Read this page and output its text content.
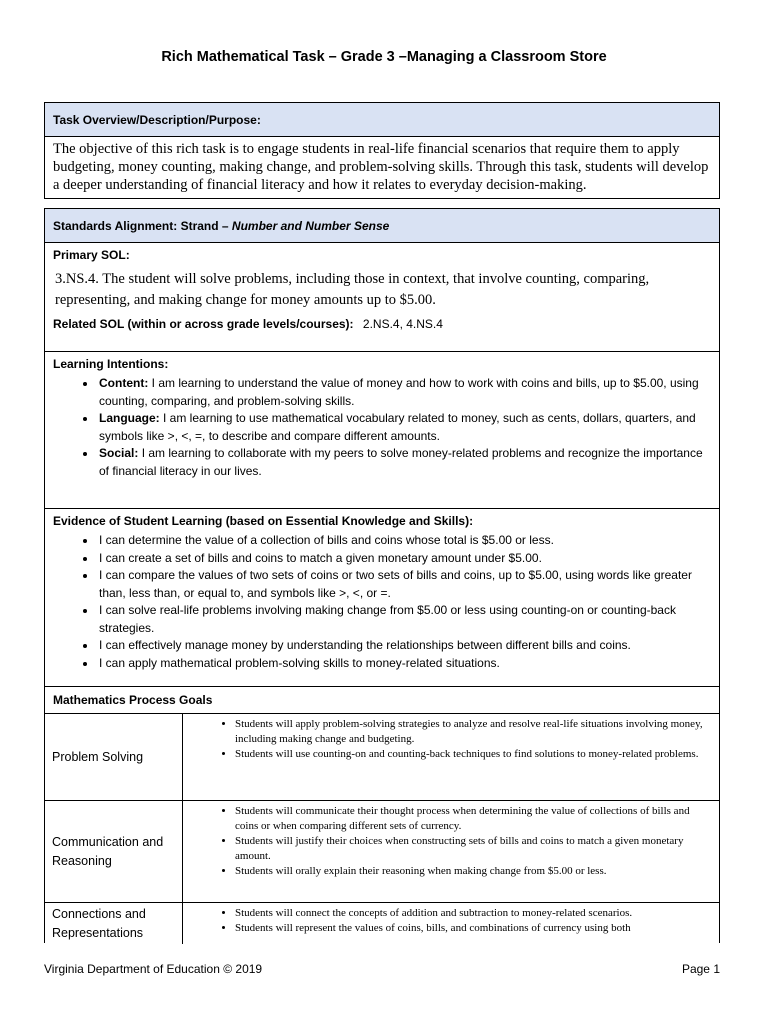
Rich Mathematical Task – Grade 3 –Managing a Classroom Store
Task Overview/Description/Purpose:
The objective of this rich task is to engage students in real-life financial scenarios that require them to apply budgeting, money counting, making change, and problem-solving skills. Through this task, students will develop a deeper understanding of financial literacy and how it relates to everyday decision-making.
Standards Alignment: Strand –
Number and Number Sense
Primary SOL:
3.NS.4. The student will solve problems, including those in context, that involve counting, comparing, representing, and making change for money amounts up to $5.00.
Related SOL (within or across grade levels/courses): 2.NS.4, 4.NS.4
Learning Intentions:
• Content: I am learning to understand the value of money and how to work with coins and bills, up to $5.00, using counting, comparing, and problem-solving skills.
• Language: I am learning to use mathematical vocabulary related to money, such as cents, dollars, quarters, and symbols like >, <, =, to describe and compare different amounts.
• Social: I am learning to collaborate with my peers to solve money-related problems and recognize the importance of financial literacy in our lives.
Evidence of Student Learning (based on Essential Knowledge and Skills):
• I can determine the value of a collection of bills and coins whose total is $5.00 or less.
• I can create a set of bills and coins to match a given monetary amount under $5.00.
• I can compare the values of two sets of coins or two sets of bills and coins, up to $5.00, using words like greater than, less than, or equal to, and symbols like >, <, or =.
• I can solve real-life problems involving making change from $5.00 or less using counting-on or counting-back strategies.
• I can effectively manage money by understanding the relationships between different bills and coins.
• I can apply mathematical problem-solving skills to money-related situations.
Mathematics Process Goals
Problem Solving
• Students will apply problem-solving strategies to analyze and resolve real-life situations involving money, including making change and budgeting.
• Students will use counting-on and counting-back techniques to find solutions to money-related problems.
Communication and Reasoning
• Students will communicate their thought process when determining the value of collections of bills and coins or when comparing different sets of currency.
• Students will justify their choices when constructing sets of bills and coins to match a given monetary amount.
• Students will orally explain their reasoning when making change from $5.00 or less.
Connections and Representations
• Students will connect the concepts of addition and subtraction to money-related scenarios.
• Students will represent the values of coins, bills, and combinations of currency using both
Virginia Department of Education © 2019	Page 1
